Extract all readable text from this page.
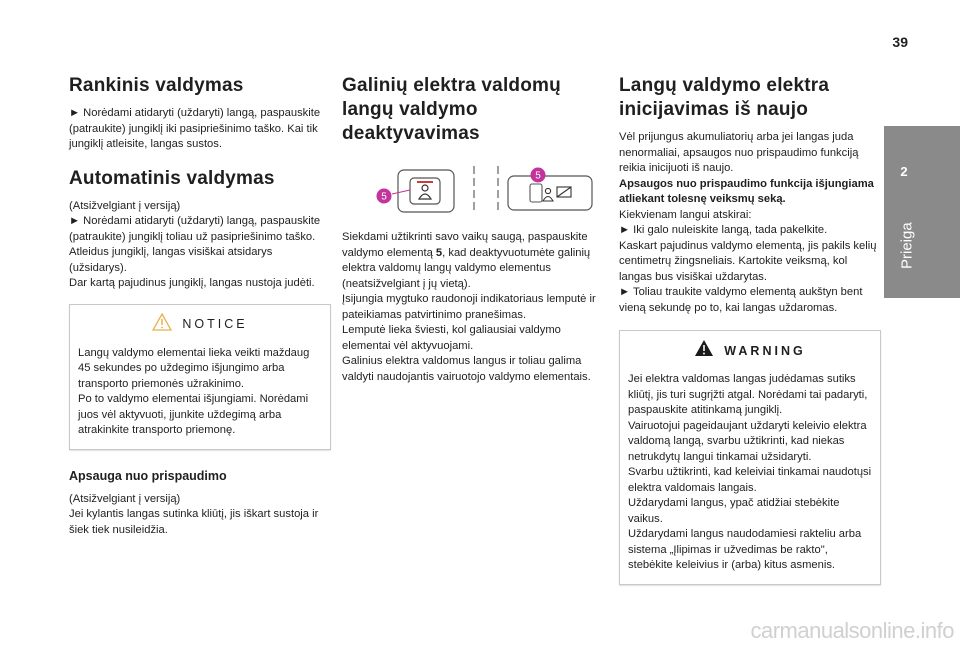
39
2
Prieiga
Rankinis valdymas

► Norėdami atidaryti (uždaryti) langą, paspauskite (patraukite) jungiklį iki pasipriešinimo taško. Kai tik jungiklį atleisite, langas sustos.

Automatinis valdymas

(Atsižvelgiant į versiją)

► Norėdami atidaryti (uždaryti) langą, paspauskite (patraukite) jungiklį toliau už pasipriešinimo taško. Atleidus jungiklį, langas visiškai atsidarys (užsidarys).

Dar kartą pajudinus jungiklį, langas nustoja judėti.

NOTICE

Langų valdymo elementai lieka veikti maždaug 45 sekundes po uždegimo išjungimo arba transporto priemonės užrakinimo.

Po to valdymo elementai išjungiami. Norėdami juos vėl aktyvuoti, įjunkite uždegimą arba atrakinkite transporto priemonę.

Apsauga nuo prispaudimo

(Atsižvelgiant į versiją)

Jei kylantis langas sutinka kliūtį, jis iškart sustoja ir šiek tiek nusileidžia.

Galinių elektra valdomų langų valdymo deaktyvavimas
5
5

Siekdami užtikrinti savo vaikų saugą, paspauskite valdymo elementą 5, kad deaktyvuotumėte galinių elektra valdomų langų valdymo elementus (neatsižvelgiant į jų vietą).

Įsijungia mygtuko raudonoji indikatoriaus lemputė ir pateikiamas patvirtinimo pranešimas.

Lemputė lieka šviesti, kol galiausiai valdymo elementai vėl aktyvuojami.

Galinius elektra valdomus langus ir toliau galima valdyti naudojantis vairuotojo valdymo elementais.

Langų valdymo elektra inicijavimas iš naujo

Vėl prijungus akumuliatorių arba jei langas juda nenormaliai, apsaugos nuo prispaudimo funkciją reikia inicijuoti iš naujo.

Apsaugos nuo prispaudimo funkcija išjungiama atliekant tolesnę veiksmų seką.

Kiekvienam langui atskirai:

► Iki galo nuleiskite langą, tada pakelkite.

Kaskart pajudinus valdymo elementą, jis pakils kelių centimetrų žingsneliais. Kartokite veiksmą, kol langas bus visiškai uždarytas.

► Toliau traukite valdymo elementą aukštyn bent vieną sekundę po to, kai langas uždaromas.

WARNING

Jei elektra valdomas langas judėdamas sutiks kliūtį, jis turi sugrįžti atgal. Norėdami tai padaryti, paspauskite atitinkamą jungiklį.

Vairuotojui pageidaujant uždaryti keleivio elektra valdomą langą, svarbu užtikrinti, kad niekas netrukdytų langui tinkamai užsidaryti.

Svarbu užtikrinti, kad keleiviai tinkamai naudotųsi elektra valdomais langais.

Uždarydami langus, ypač atidžiai stebėkite vaikus.

Uždarydami langus naudodamiesi rakteliu arba sistema „Įlipimas ir užvedimas be rakto", stebėkite keleivius ir (arba) kitus asmenis.

carmanualsonline.info
